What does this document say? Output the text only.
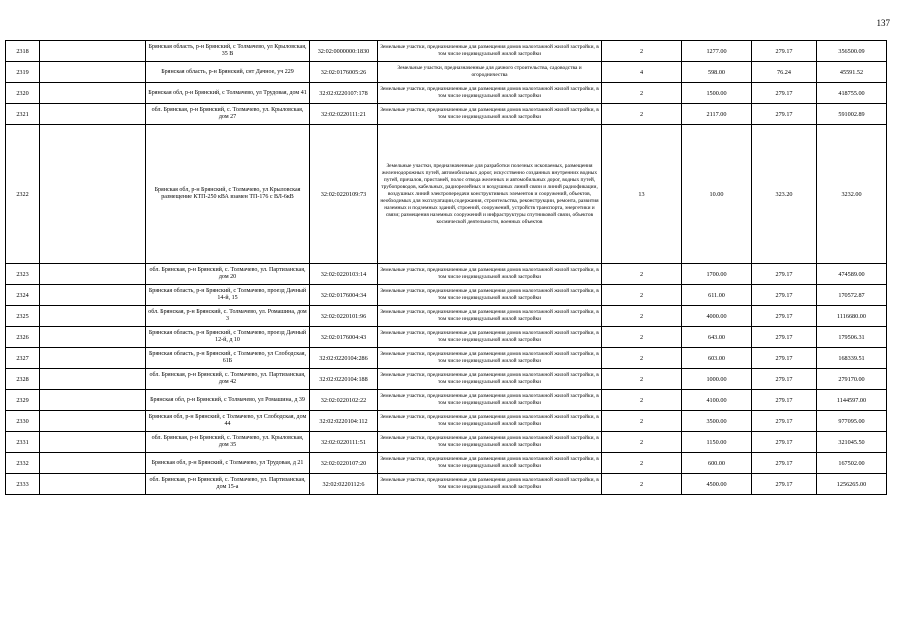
137
2318		Брянская область, р-н Брянский, с Толмачево, ул Крыловская, 35 В	32:02:0000000:1830	Земельные участки, предназначенные для размещения домов малоэтажной жилой застройки, в том числе индивидуальной жилой застройки	2	1277.00	279.17	356500.09
2319		Брянская область, р-н Брянский, снт Дачное, уч 229	32:02:0176005:26	Земельные участки, предназначенные для дачного строительства, садоводства и огородничества	4	598.00	76.24	45591.52
2320		Брянская обл, р-н Брянский, с Толмачево, ул Трудовая, дом 41	32:02:0220107:178	Земельные участки, предназначенные для размещения домов малоэтажной жилой застройки, в том числе индивидуальной жилой застройки	2	1500.00	279.17	418755.00
2321		обл. Брянская, р-н Брянский, с. Толмачево, ул. Крыловская, дом 27	32:02:0220111:21	Земельные участки, предназначенные для размещения домов малоэтажной жилой застройки, в том числе индивидуальной жилой застройки	2	2117.00	279.17	591002.89
2322		Брянская обл, р-н Брянский, с Толмачево, ул Крыловская размещение КТП-250 кВА взамен ТП-176 с ВЛ-6кВ	32:02:0220109:73	Земельные участки, предназначенные для разработки полезных ископаемых, размещения железнодорожных путей, автомобильных дорог, искусственно созданных внутренних водных путей, причалов, пристаней, полос отвода железных и автомобильных дорог, водных путей, трубопроводов, кабельных, радиорелейных и воздушных линий связи и линий радиофикации, воздушных линий электропередачи конструктивных элементов и сооружений, объектов, необходимых для эксплуатации,содержания, строительства, реконструкции, ремонта, развития наземных и подземных зданий, строений, сооружений, устройств транспорта, энергетики и связи; размещения наземных сооружений и инфраструктуры спутниковой связи, объектов космической деятельности, военных объектов	13	10.00	323.20	3232.00
2323		обл. Брянская, р-н Брянский, с. Толмачево, ул. Партизанская, дом 20	32:02:0220103:14	Земельные участки, предназначенные для размещения домов малоэтажной жилой застройки, в том числе индивидуальной жилой застройки	2	1700.00	279.17	474589.00
2324		Брянская область, р-н Брянский, с Толмачево, проезд Дачный 14-й, 15	32:02:0176004:34	Земельные участки, предназначенные для размещения домов малоэтажной жилой застройки, в том числе индивидуальной жилой застройки	2	611.00	279.17	170572.87
2325		обл. Брянская, р-н Брянский, с. Толмачево, ул. Ромашина, дом 3	32:02:0220101:96	Земельные участки, предназначенные для размещения домов малоэтажной жилой застройки, в том числе индивидуальной жилой застройки	2	4000.00	279.17	1116680.00
2326		Брянская область, р-н Брянский, с Толмачево, проезд Дачный 12-й, д 10	32:02:0176004:43	Земельные участки, предназначенные для размещения домов малоэтажной жилой застройки, в том числе индивидуальной жилой застройки	2	643.00	279.17	179506.31
2327		Брянская область, р-н Брянский, с Толмачево, ул Слободская, 61Б	32:02:0220104:286	Земельные участки, предназначенные для размещения домов малоэтажной жилой застройки, в том числе индивидуальной жилой застройки	2	603.00	279.17	168339.51
2328		обл. Брянская, р-н Брянский, с. Толмачево, ул. Партизанская, дом 42	32:02:0220104:188	Земельные участки, предназначенные для размещения домов малоэтажной жилой застройки, в том числе индивидуальной жилой застройки	2	1000.00	279.17	279170.00
2329		Брянская обл, р-н Брянский, с Толмачево, ул Ромашина, д 39	32:02:0220102:22	Земельные участки, предназначенные для размещения домов малоэтажной жилой застройки, в том числе индивидуальной жилой застройки	2	4100.00	279.17	1144597.00
2330		Брянская обл, р-н Брянский, с Толмачево, ул Слободская, дом 44	32:02:0220104:112	Земельные участки, предназначенные для размещения домов малоэтажной жилой застройки, в том числе индивидуальной жилой застройки	2	3500.00	279.17	977095.00
2331		обл. Брянская, р-н Брянский, с. Толмачево, ул. Крыловская, дом 35	32:02:0220111:51	Земельные участки, предназначенные для размещения домов малоэтажной жилой застройки, в том числе индивидуальной жилой застройки	2	1150.00	279.17	321045.50
2332		Брянская обл, р-н Брянский, с Толмачево, ул Трудовая, д 21	32:02:0220107:20	Земельные участки, предназначенные для размещения домов малоэтажной жилой застройки, в том числе индивидуальной жилой застройки	2	600.00	279.17	167502.00
2333		обл. Брянская, р-н Брянский, с. Толмачево, ул. Партизанская, дом 15-а	32:02:0220112:6	Земельные участки, предназначенные для размещения домов малоэтажной жилой застройки, в том числе индивидуальной жилой застройки	2	4500.00	279.17	1256265.00
